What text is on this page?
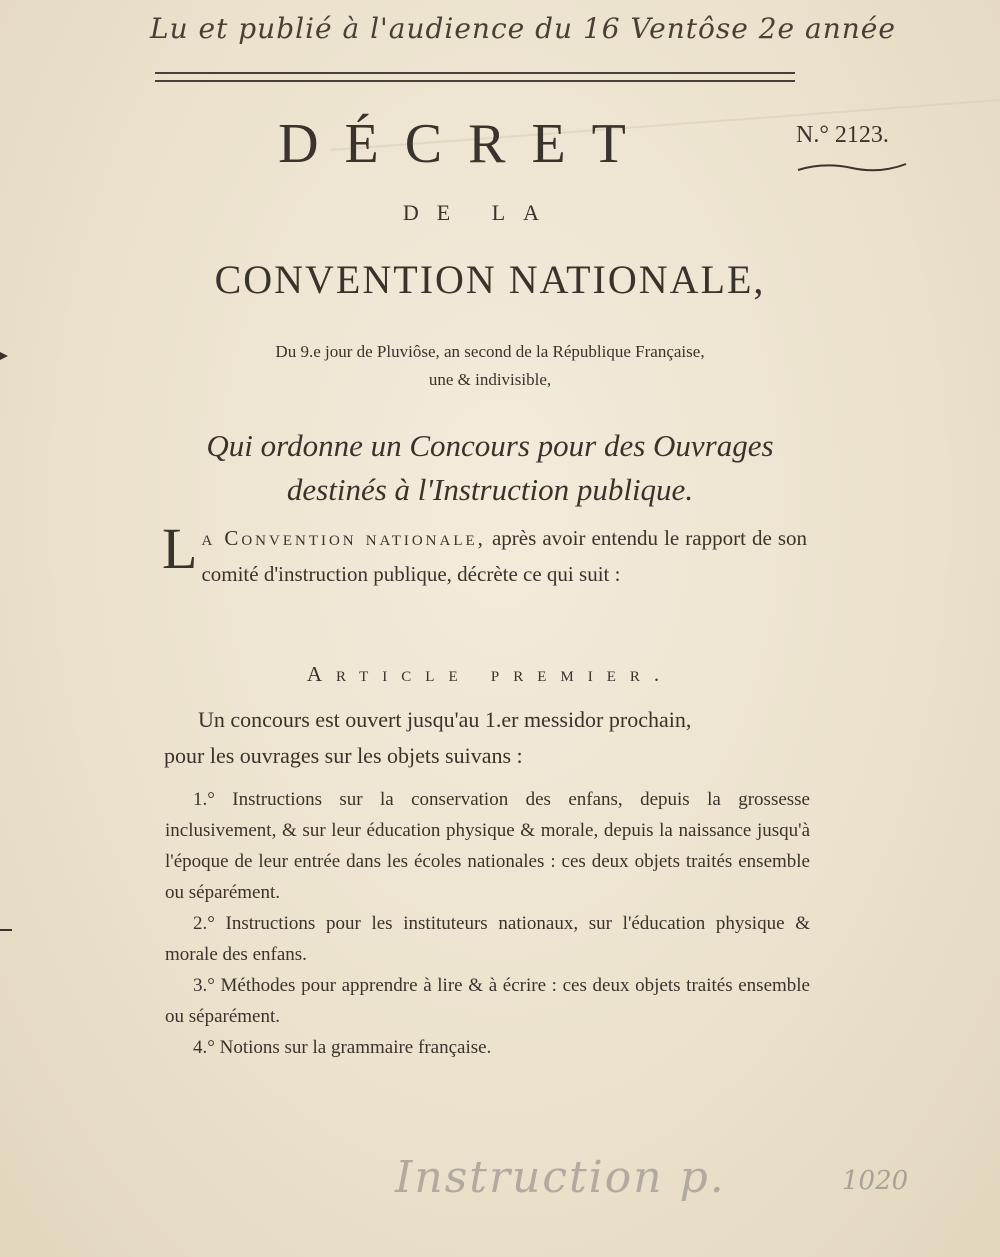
Lu et publié à l'audience du 16 Ventôse 2e année
DÉCRET	N.° 2123.
DE LA
CONVENTION NATIONALE,
Du 9.e jour de Pluviôse, an second de la République Française,
une & indivisible,
Qui ordonne un Concours pour des Ouvrages
destinés à l'Instruction publique.
La Convention nationale, après avoir entendu le rapport de son comité d'instruction publique, décrète ce qui suit :
Article premier.
Un concours est ouvert jusqu'au 1.er messidor prochain,
pour les ouvrages sur les objets suivans :

1.° Instructions sur la conservation des enfans, depuis la grossesse inclusivement, & sur leur éducation physique & morale, depuis la naissance jusqu'à l'époque de leur entrée dans les écoles nationales : ces deux objets traités ensemble ou séparément.

2.° Instructions pour les instituteurs nationaux, sur l'éducation physique & morale des enfans.

3.° Méthodes pour apprendre à lire & à écrire : ces deux objets traités ensemble ou séparément.

4.° Notions sur la grammaire française.

Instruction p.	1020
